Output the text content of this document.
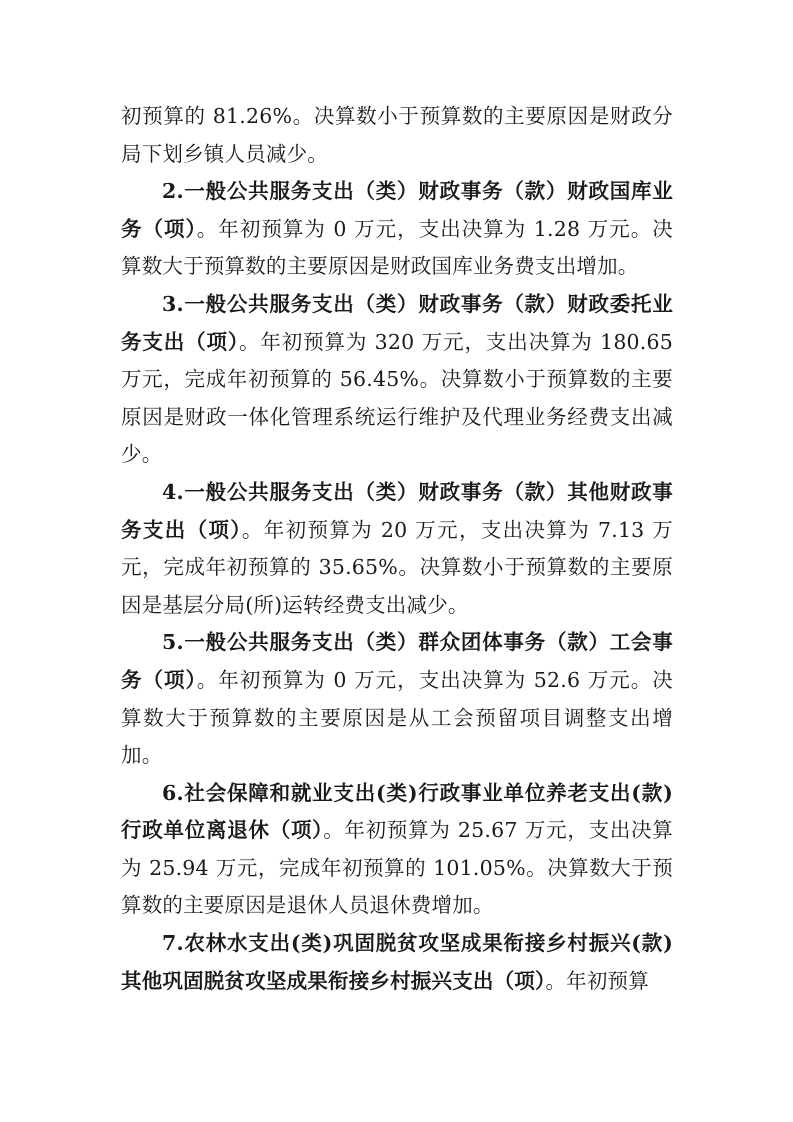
初预算的 81.26%。决算数小于预算数的主要原因是财政分局下划乡镇人员减少。

2.一般公共服务支出（类）财政事务（款）财政国库业务（项）。年初预算为 0 万元，支出决算为 1.28 万元。决算数大于预算数的主要原因是财政国库业务费支出增加。

3.一般公共服务支出（类）财政事务（款）财政委托业务支出（项）。年初预算为 320 万元，支出决算为 180.65 万元，完成年初预算的 56.45%。决算数小于预算数的主要原因是财政一体化管理系统运行维护及代理业务经费支出减少。

4.一般公共服务支出（类）财政事务（款）其他财政事务支出（项）。年初预算为 20 万元，支出决算为 7.13 万元，完成年初预算的 35.65%。决算数小于预算数的主要原因是基层分局(所)运转经费支出减少。

5.一般公共服务支出（类）群众团体事务（款）工会事务（项）。年初预算为 0 万元，支出决算为 52.6 万元。决算数大于预算数的主要原因是从工会预留项目调整支出增加。

6.社会保障和就业支出(类)行政事业单位养老支出(款)行政单位离退休（项）。年初预算为 25.67 万元，支出决算为 25.94 万元，完成年初预算的 101.05%。决算数大于预算数的主要原因是退休人员退休费增加。

7.农林水支出(类)巩固脱贫攻坚成果衔接乡村振兴(款)其他巩固脱贫攻坚成果衔接乡村振兴支出（项）。年初预算
